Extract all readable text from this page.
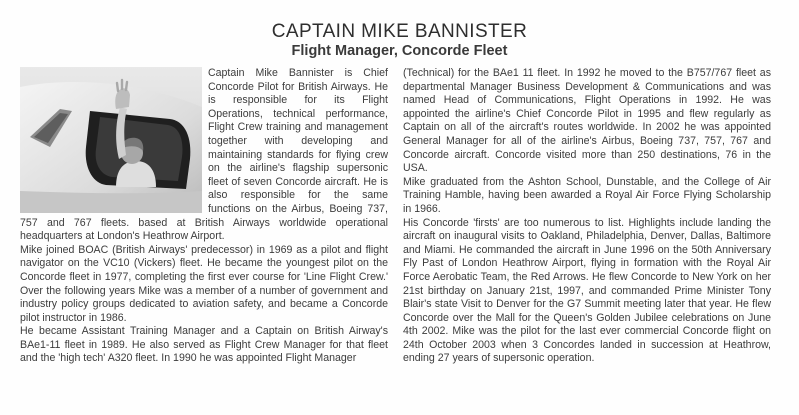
CAPTAIN MIKE BANNISTER
Flight Manager, Concorde Fleet

Captain Mike Bannister is Chief Concorde Pilot for British Airways. He is responsible for its Flight Operations, technical performance, Flight Crew training and management together with developing and maintaining standards for flying crew on the airline's flagship supersonic fleet of seven Concorde aircraft. He is also responsible for the same functions on the Airbus, Boeing 737, 757 and 767 fleets. based at British Airways worldwide operational headquarters at London's Heathrow Airport.

Mike joined BOAC (British Airways' predecessor) in 1969 as a pilot and flight navigator on the VC10 (Vickers) fleet. He became the youngest pilot on the Concorde fleet in 1977, completing the first ever course for 'Line Flight Crew.' Over the following years Mike was a member of a number of government and industry policy groups dedicated to aviation safety, and became a Concorde pilot instructor in 1986.

He became Assistant Training Manager and a Captain on British Airway's BAe1-11 fleet in 1989. He also served as Flight Crew Manager for that fleet and the 'high tech' A320 fleet. In 1990 he was appointed Flight Manager

(Technical) for the BAe1 11 fleet. In 1992 he moved to the B757/767 fleet as departmental Manager Business Development & Communications and was named Head of Communications, Flight Operations in 1992. He was appointed the airline's Chief Concorde Pilot in 1995 and flew regularly as Captain on all of the aircraft's routes worldwide. In 2002 he was appointed General Manager for all of the airline's Airbus, Boeing 737, 757, 767 and Concorde aircraft. Concorde visited more than 250 destinations, 76 in the USA.

Mike graduated from the Ashton School, Dunstable, and the College of Air Training Hamble, having been awarded a Royal Air Force Flying Scholarship in 1966.

His Concorde 'firsts' are too numerous to list. Highlights include landing the aircraft on inaugural visits to Oakland, Philadelphia, Denver, Dallas, Baltimore and Miami. He commanded the aircraft in June 1996 on the 50th Anniversary Fly Past of London Heathrow Airport, flying in formation with the Royal Air Force Aerobatic Team, the Red Arrows. He flew Concorde to New York on her 21st birthday on January 21st, 1997, and commanded Prime Minister Tony Blair's state Visit to Denver for the G7 Summit meeting later that year. He flew Concorde over the Mall for the Queen's Golden Jubilee celebrations on June 4th 2002. Mike was the pilot for the last ever commercial Concorde flight on 24th October 2003 when 3 Concordes landed in succession at Heathrow, ending 27 years of supersonic operation.
